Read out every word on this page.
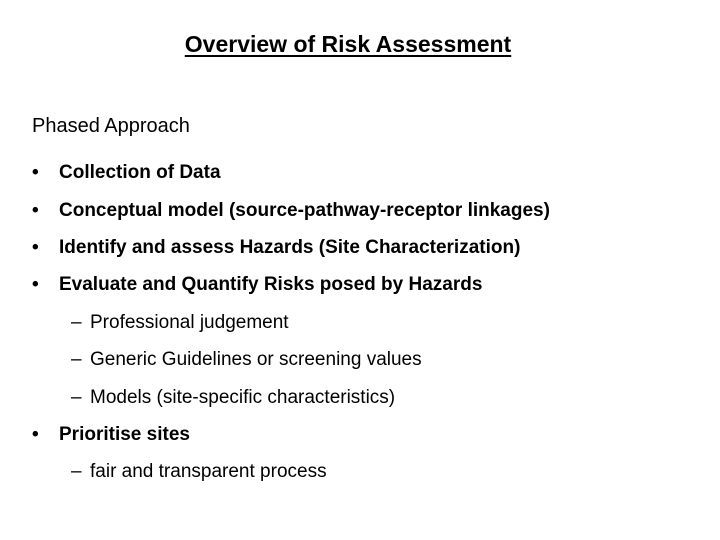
Overview of Risk Assessment
Phased Approach
• Collection of Data
• Conceptual model (source-pathway-receptor linkages)
• Identify and assess Hazards (Site Characterization)
• Evaluate and Quantify Risks posed by Hazards
– Professional judgement
– Generic Guidelines or screening values
– Models (site-specific characteristics)
• Prioritise sites
– fair and transparent process
